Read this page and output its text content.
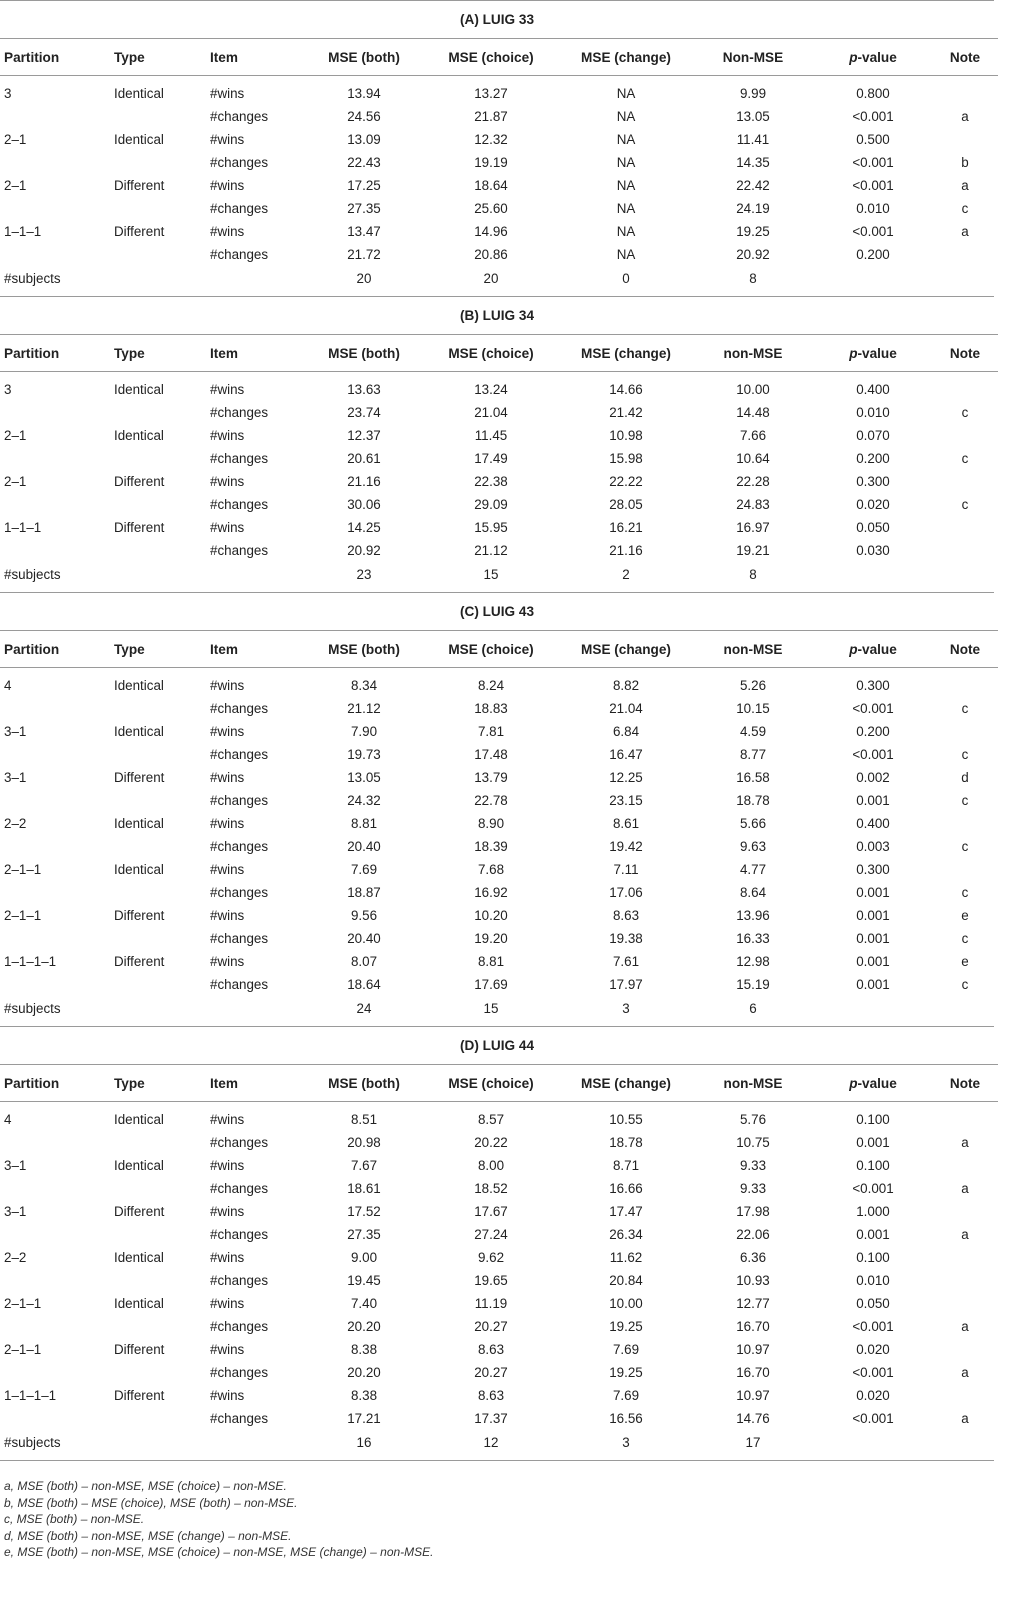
(A) LUIG 33
Partition	Type	Item	MSE (both)	MSE (choice)	MSE (change)	Non-MSE	p-value	Note

3	Identical	#wins	13.94	13.27	NA	9.99	0.800	
		#changes	24.56	21.87	NA	13.05	<0.001	a
2–1	Identical	#wins	13.09	12.32	NA	11.41	0.500	
		#changes	22.43	19.19	NA	14.35	<0.001	b
2–1	Different	#wins	17.25	18.64	NA	22.42	<0.001	a
		#changes	27.35	25.60	NA	24.19	0.010	c
1–1–1	Different	#wins	13.47	14.96	NA	19.25	<0.001	a
		#changes	21.72	20.86	NA	20.92	0.200	
#subjects			20	20	0	8		

(B) LUIG 34
Partition	Type	Item	MSE (both)	MSE (choice)	MSE (change)	non-MSE	p-value	Note

3	Identical	#wins	13.63	13.24	14.66	10.00	0.400	
		#changes	23.74	21.04	21.42	14.48	0.010	c
2–1	Identical	#wins	12.37	11.45	10.98	7.66	0.070	
		#changes	20.61	17.49	15.98	10.64	0.200	c
2–1	Different	#wins	21.16	22.38	22.22	22.28	0.300	
		#changes	30.06	29.09	28.05	24.83	0.020	c
1–1–1	Different	#wins	14.25	15.95	16.21	16.97	0.050	
		#changes	20.92	21.12	21.16	19.21	0.030	
#subjects			23	15	2	8		

(C) LUIG 43
Partition	Type	Item	MSE (both)	MSE (choice)	MSE (change)	non-MSE	p-value	Note

4	Identical	#wins	8.34	8.24	8.82	5.26	0.300	
		#changes	21.12	18.83	21.04	10.15	<0.001	c
3–1	Identical	#wins	7.90	7.81	6.84	4.59	0.200	
		#changes	19.73	17.48	16.47	8.77	<0.001	c
3–1	Different	#wins	13.05	13.79	12.25	16.58	0.002	d
		#changes	24.32	22.78	23.15	18.78	0.001	c
2–2	Identical	#wins	8.81	8.90	8.61	5.66	0.400	
		#changes	20.40	18.39	19.42	9.63	0.003	c
2–1–1	Identical	#wins	7.69	7.68	7.11	4.77	0.300	
		#changes	18.87	16.92	17.06	8.64	0.001	c
2–1–1	Different	#wins	9.56	10.20	8.63	13.96	0.001	e
		#changes	20.40	19.20	19.38	16.33	0.001	c
1–1–1–1	Different	#wins	8.07	8.81	7.61	12.98	0.001	e
		#changes	18.64	17.69	17.97	15.19	0.001	c
#subjects			24	15	3	6		

(D) LUIG 44
Partition	Type	Item	MSE (both)	MSE (choice)	MSE (change)	non-MSE	p-value	Note

4	Identical	#wins	8.51	8.57	10.55	5.76	0.100	
		#changes	20.98	20.22	18.78	10.75	0.001	a
3–1	Identical	#wins	7.67	8.00	8.71	9.33	0.100	
		#changes	18.61	18.52	16.66	9.33	<0.001	a
3–1	Different	#wins	17.52	17.67	17.47	17.98	1.000	
		#changes	27.35	27.24	26.34	22.06	0.001	a
2–2	Identical	#wins	9.00	9.62	11.62	6.36	0.100	
		#changes	19.45	19.65	20.84	10.93	0.010	
2–1–1	Identical	#wins	7.40	11.19	10.00	12.77	0.050	
		#changes	20.20	20.27	19.25	16.70	<0.001	a
2–1–1	Different	#wins	8.38	8.63	7.69	10.97	0.020	
		#changes	20.20	20.27	19.25	16.70	<0.001	a
1–1–1–1	Different	#wins	8.38	8.63	7.69	10.97	0.020	
		#changes	17.21	17.37	16.56	14.76	<0.001	a
#subjects			16	12	3	17		

a, MSE (both) – non-MSE, MSE (choice) – non-MSE.
b, MSE (both) – MSE (choice), MSE (both) – non-MSE.
c, MSE (both) – non-MSE.
d, MSE (both) – non-MSE, MSE (change) – non-MSE.
e, MSE (both) – non-MSE, MSE (choice) – non-MSE, MSE (change) – non-MSE.
